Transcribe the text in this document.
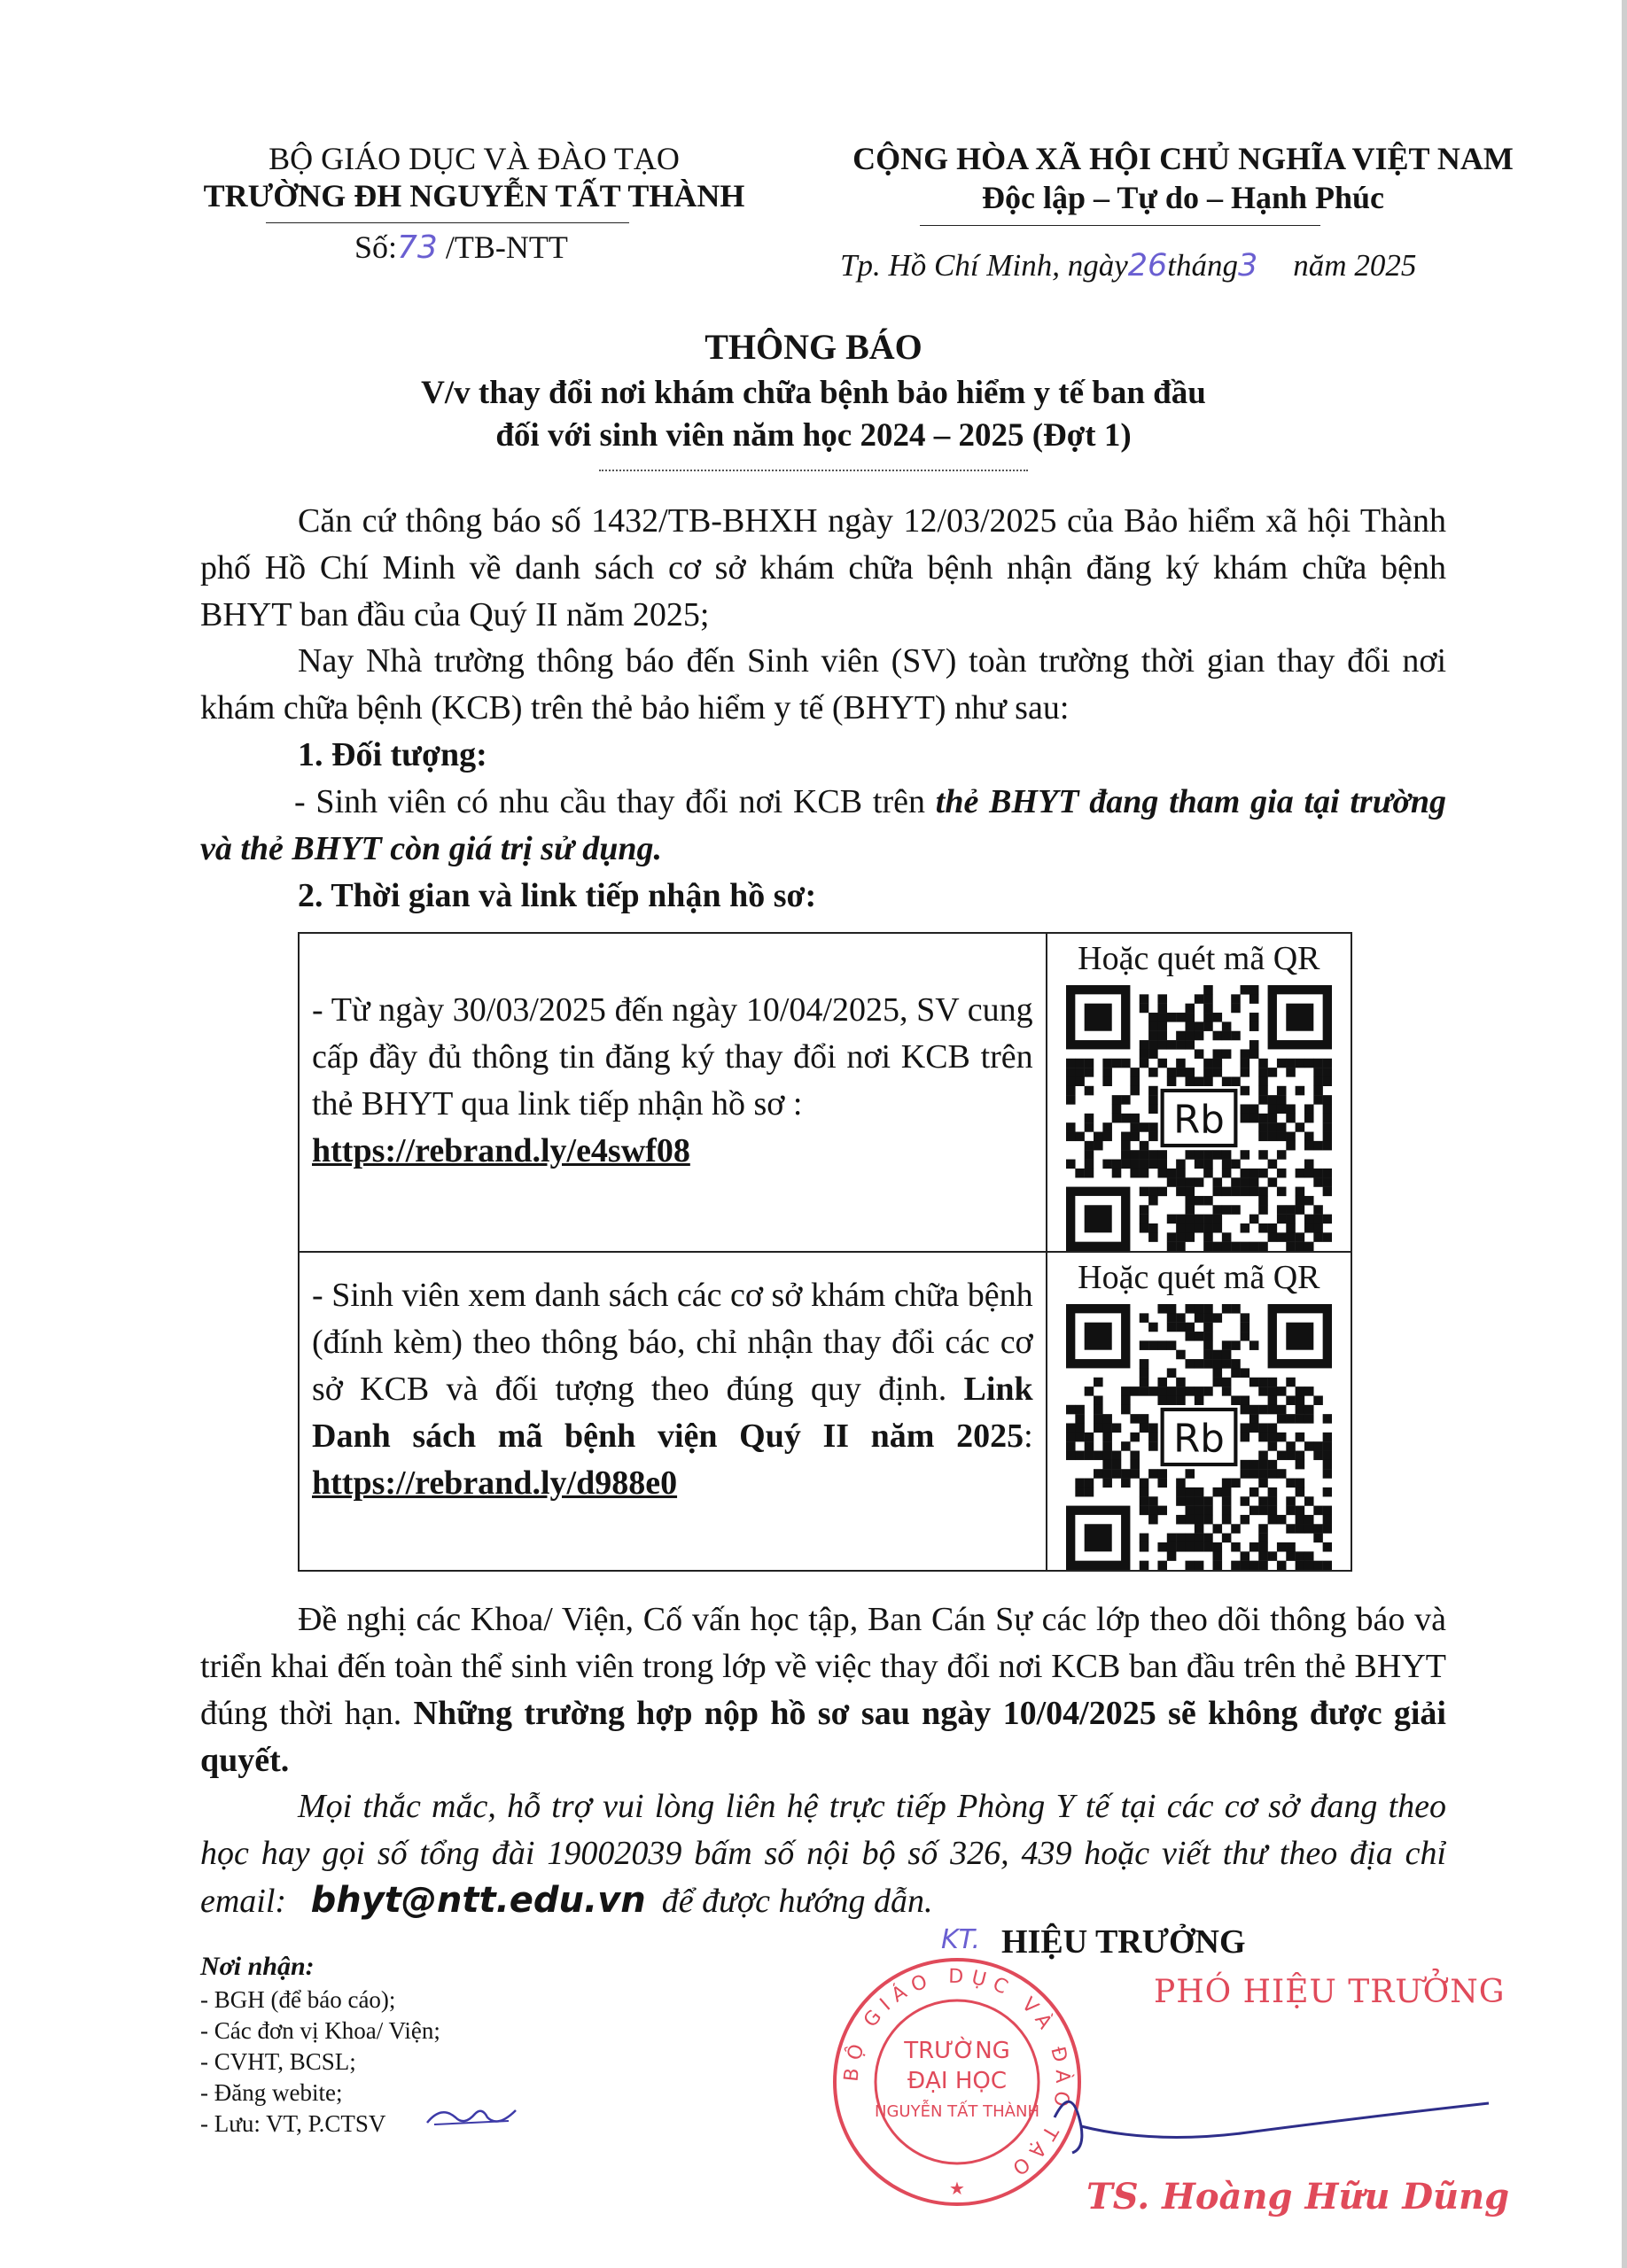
BỘ GIÁO DỤC VÀ ĐÀO TẠO
TRƯỜNG ĐH NGUYỄN TẤT THÀNH
Số:73 /TB-NTT
CỘNG HÒA XÃ HỘI CHỦ NGHĨA VIỆT NAM
Độc lập – Tự do – Hạnh Phúc
Tp. Hồ Chí Minh, ngày26tháng3 năm 2025
THÔNG BÁO
V/v thay đổi nơi khám chữa bệnh bảo hiểm y tế ban đầu
đối với sinh viên năm học 2024 – 2025 (Đợt 1)
Căn cứ thông báo số 1432/TB-BHXH ngày 12/03/2025 của Bảo hiểm xã hội Thành phố Hồ Chí Minh về danh sách cơ sở khám chữa bệnh nhận đăng ký khám chữa bệnh BHYT ban đầu của Quý II năm 2025;
Nay Nhà trường thông báo đến Sinh viên (SV) toàn trường thời gian thay đổi nơi khám chữa bệnh (KCB) trên thẻ bảo hiểm y tế (BHYT) như sau:
1. Đối tượng:
- Sinh viên có nhu cầu thay đổi nơi KCB trên thẻ BHYT đang tham gia tại trường và thẻ BHYT còn giá trị sử dụng.
2. Thời gian và link tiếp nhận hồ sơ:
- Từ ngày 30/03/2025 đến ngày 10/04/2025, SV cung cấp đầy đủ thông tin đăng ký thay đổi nơi KCB trên thẻ BHYT qua link tiếp nhận hồ sơ :
https://rebrand.ly/e4swf08	Hoặc quét mã QR
Rb

- Sinh viên xem danh sách các cơ sở khám chữa bệnh (đính kèm) theo thông báo, chỉ nhận thay đổi các cơ sở KCB và đối tượng theo đúng quy định. Link Danh sách mã bệnh viện Quý II năm 2025: https://rebrand.ly/d988e0	Hoặc quét mã QR
Rb
Đề nghị các Khoa/ Viện, Cố vấn học tập, Ban Cán Sự các lớp theo dõi thông báo và triển khai đến toàn thể sinh viên trong lớp về việc thay đổi nơi KCB ban đầu trên thẻ BHYT đúng thời hạn. Những trường hợp nộp hồ sơ sau ngày 10/04/2025 sẽ không được giải quyết.
Mọi thắc mắc, hỗ trợ vui lòng liên hệ trực tiếp Phòng Y tế tại các cơ sở đang theo học hay gọi số tổng đài 19002039 bấm số nội bộ số 326, 439 hoặc viết thư theo địa chỉ email: bhyt@ntt.edu.vn để được hướng dẫn.
Nơi nhận:
- BGH (để báo cáo);
- Các đơn vị Khoa/ Viện;
- CVHT, BCSL;
- Đăng webite;
- Lưu: VT, P.CTSV
KT. HIỆU TRƯỞNG
PHÓ HIỆU TRƯỞNG
BỘ GIÁO DỤC VÀ ĐÀO TẠO
TRƯỜNG
ĐẠI HỌC
NGUYỄN TẤT THÀNH
★	TS. Hoàng Hữu Dũng
